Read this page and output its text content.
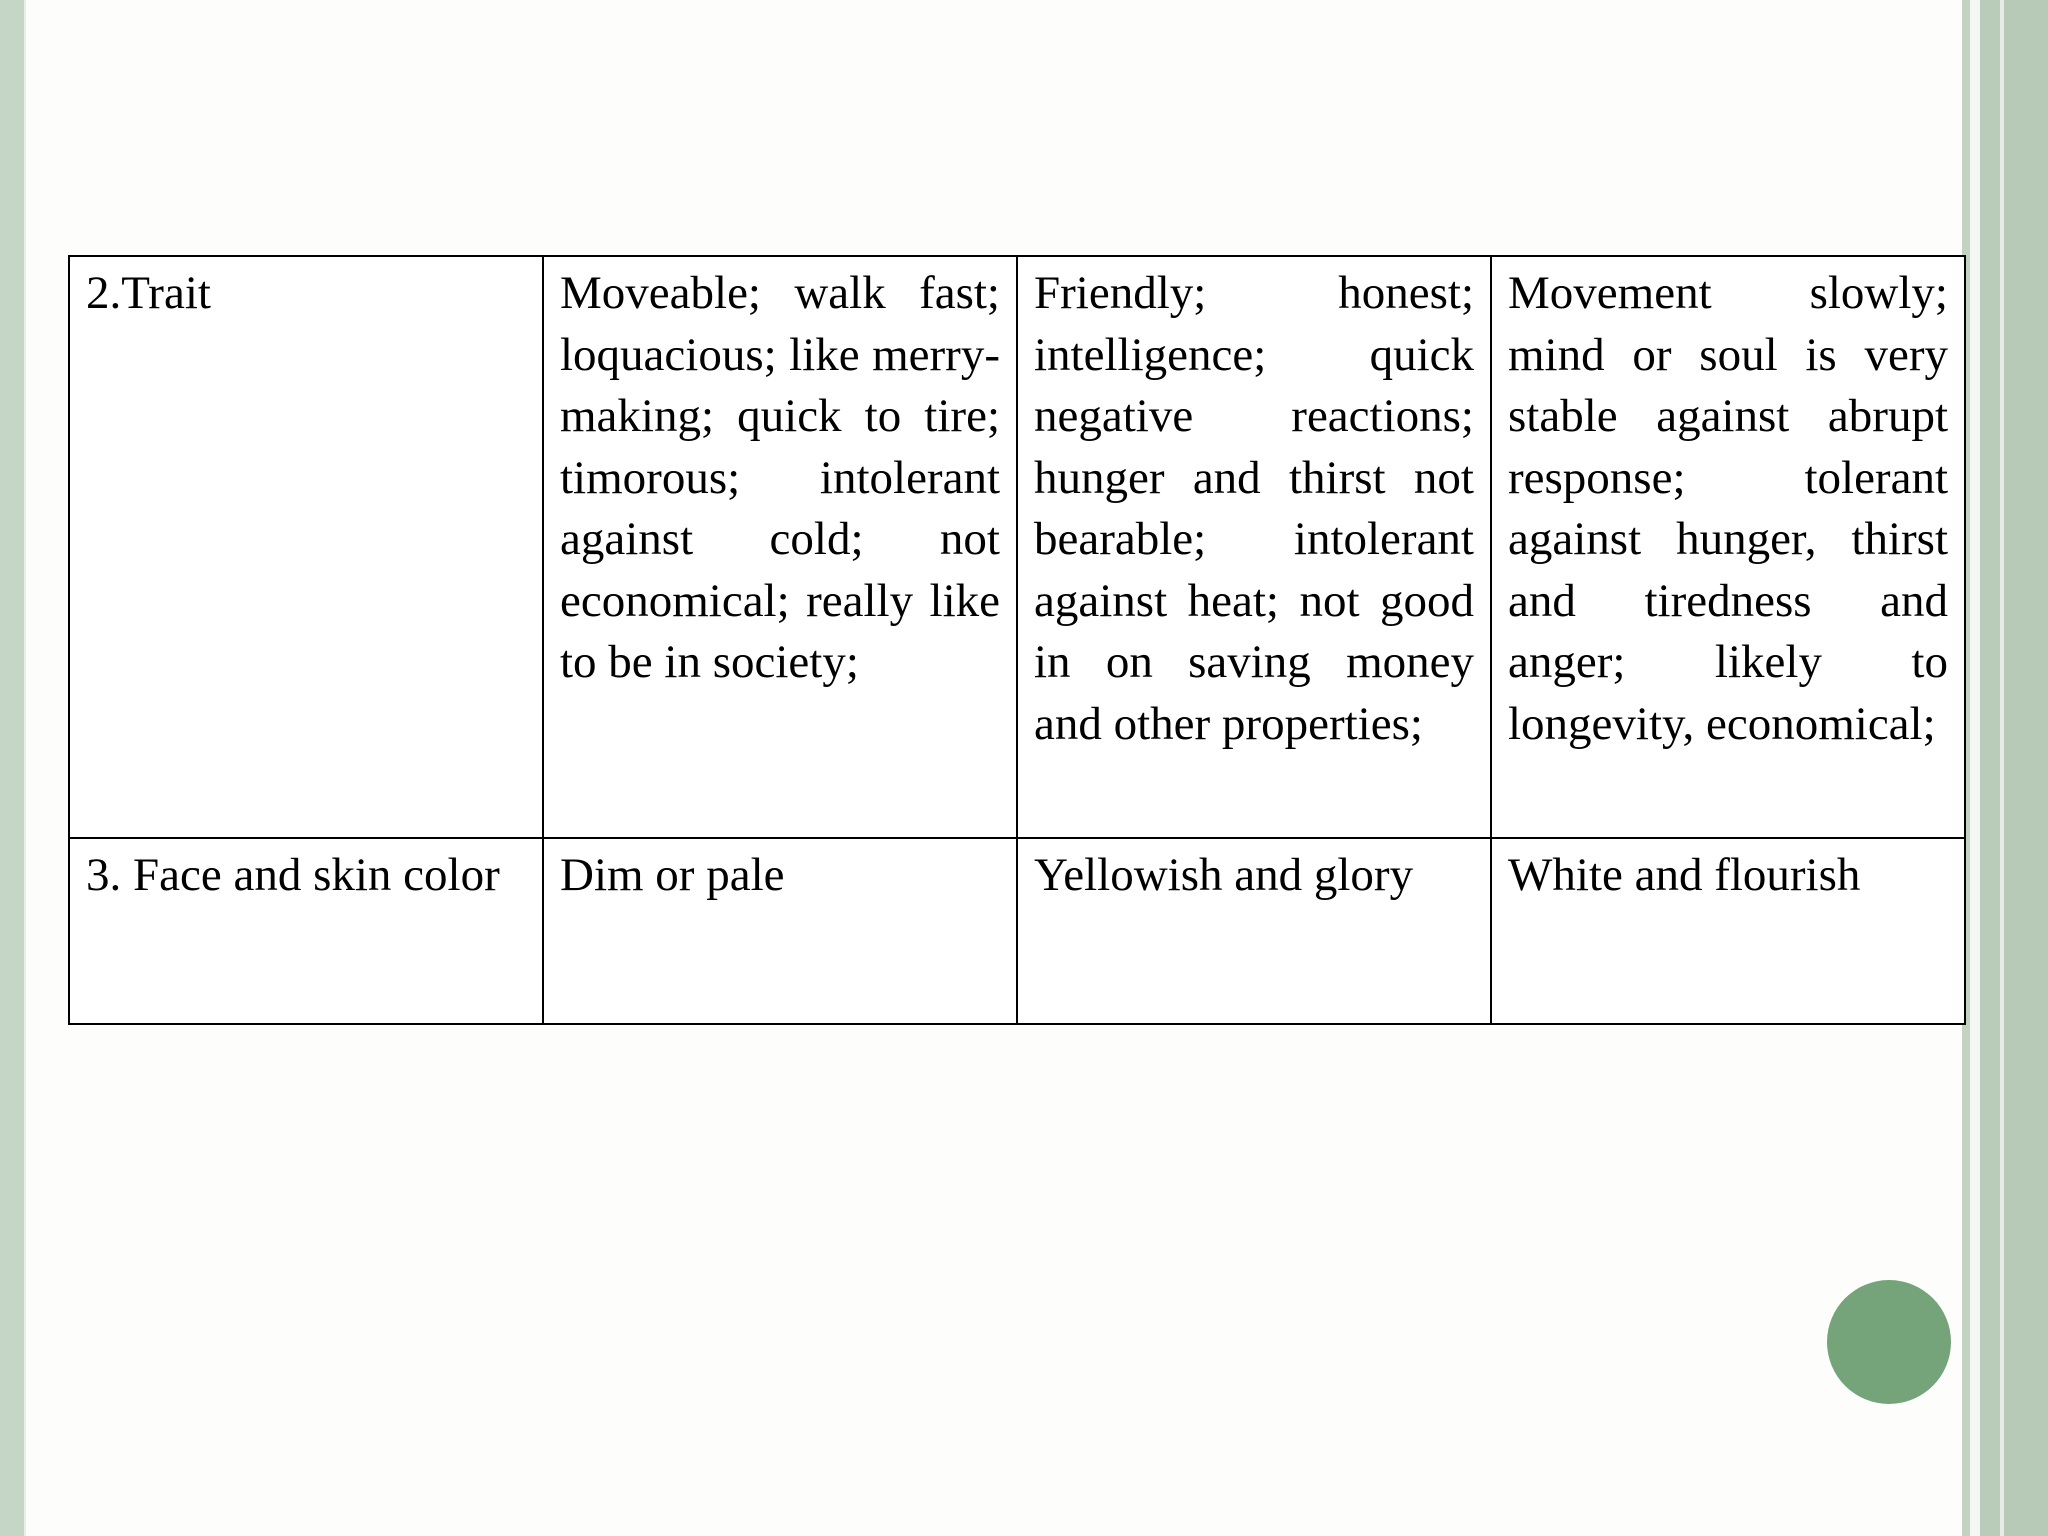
2.Trait	Moveable; walk fast; loquacious; like merry-making; quick to tire; timorous; intolerant against cold; not economical; really like to be in society;	Friendly; honest; intelligence; quick negative reactions; hunger and thirst not bearable; intolerant against heat; not good in on saving money and other properties;	Movement slowly; mind or soul is very stable against abrupt response; tolerant against hunger, thirst and tiredness and anger; likely to longevity, economical;
3. Face and skin color	Dim or pale	Yellowish and glory	White and flourish
